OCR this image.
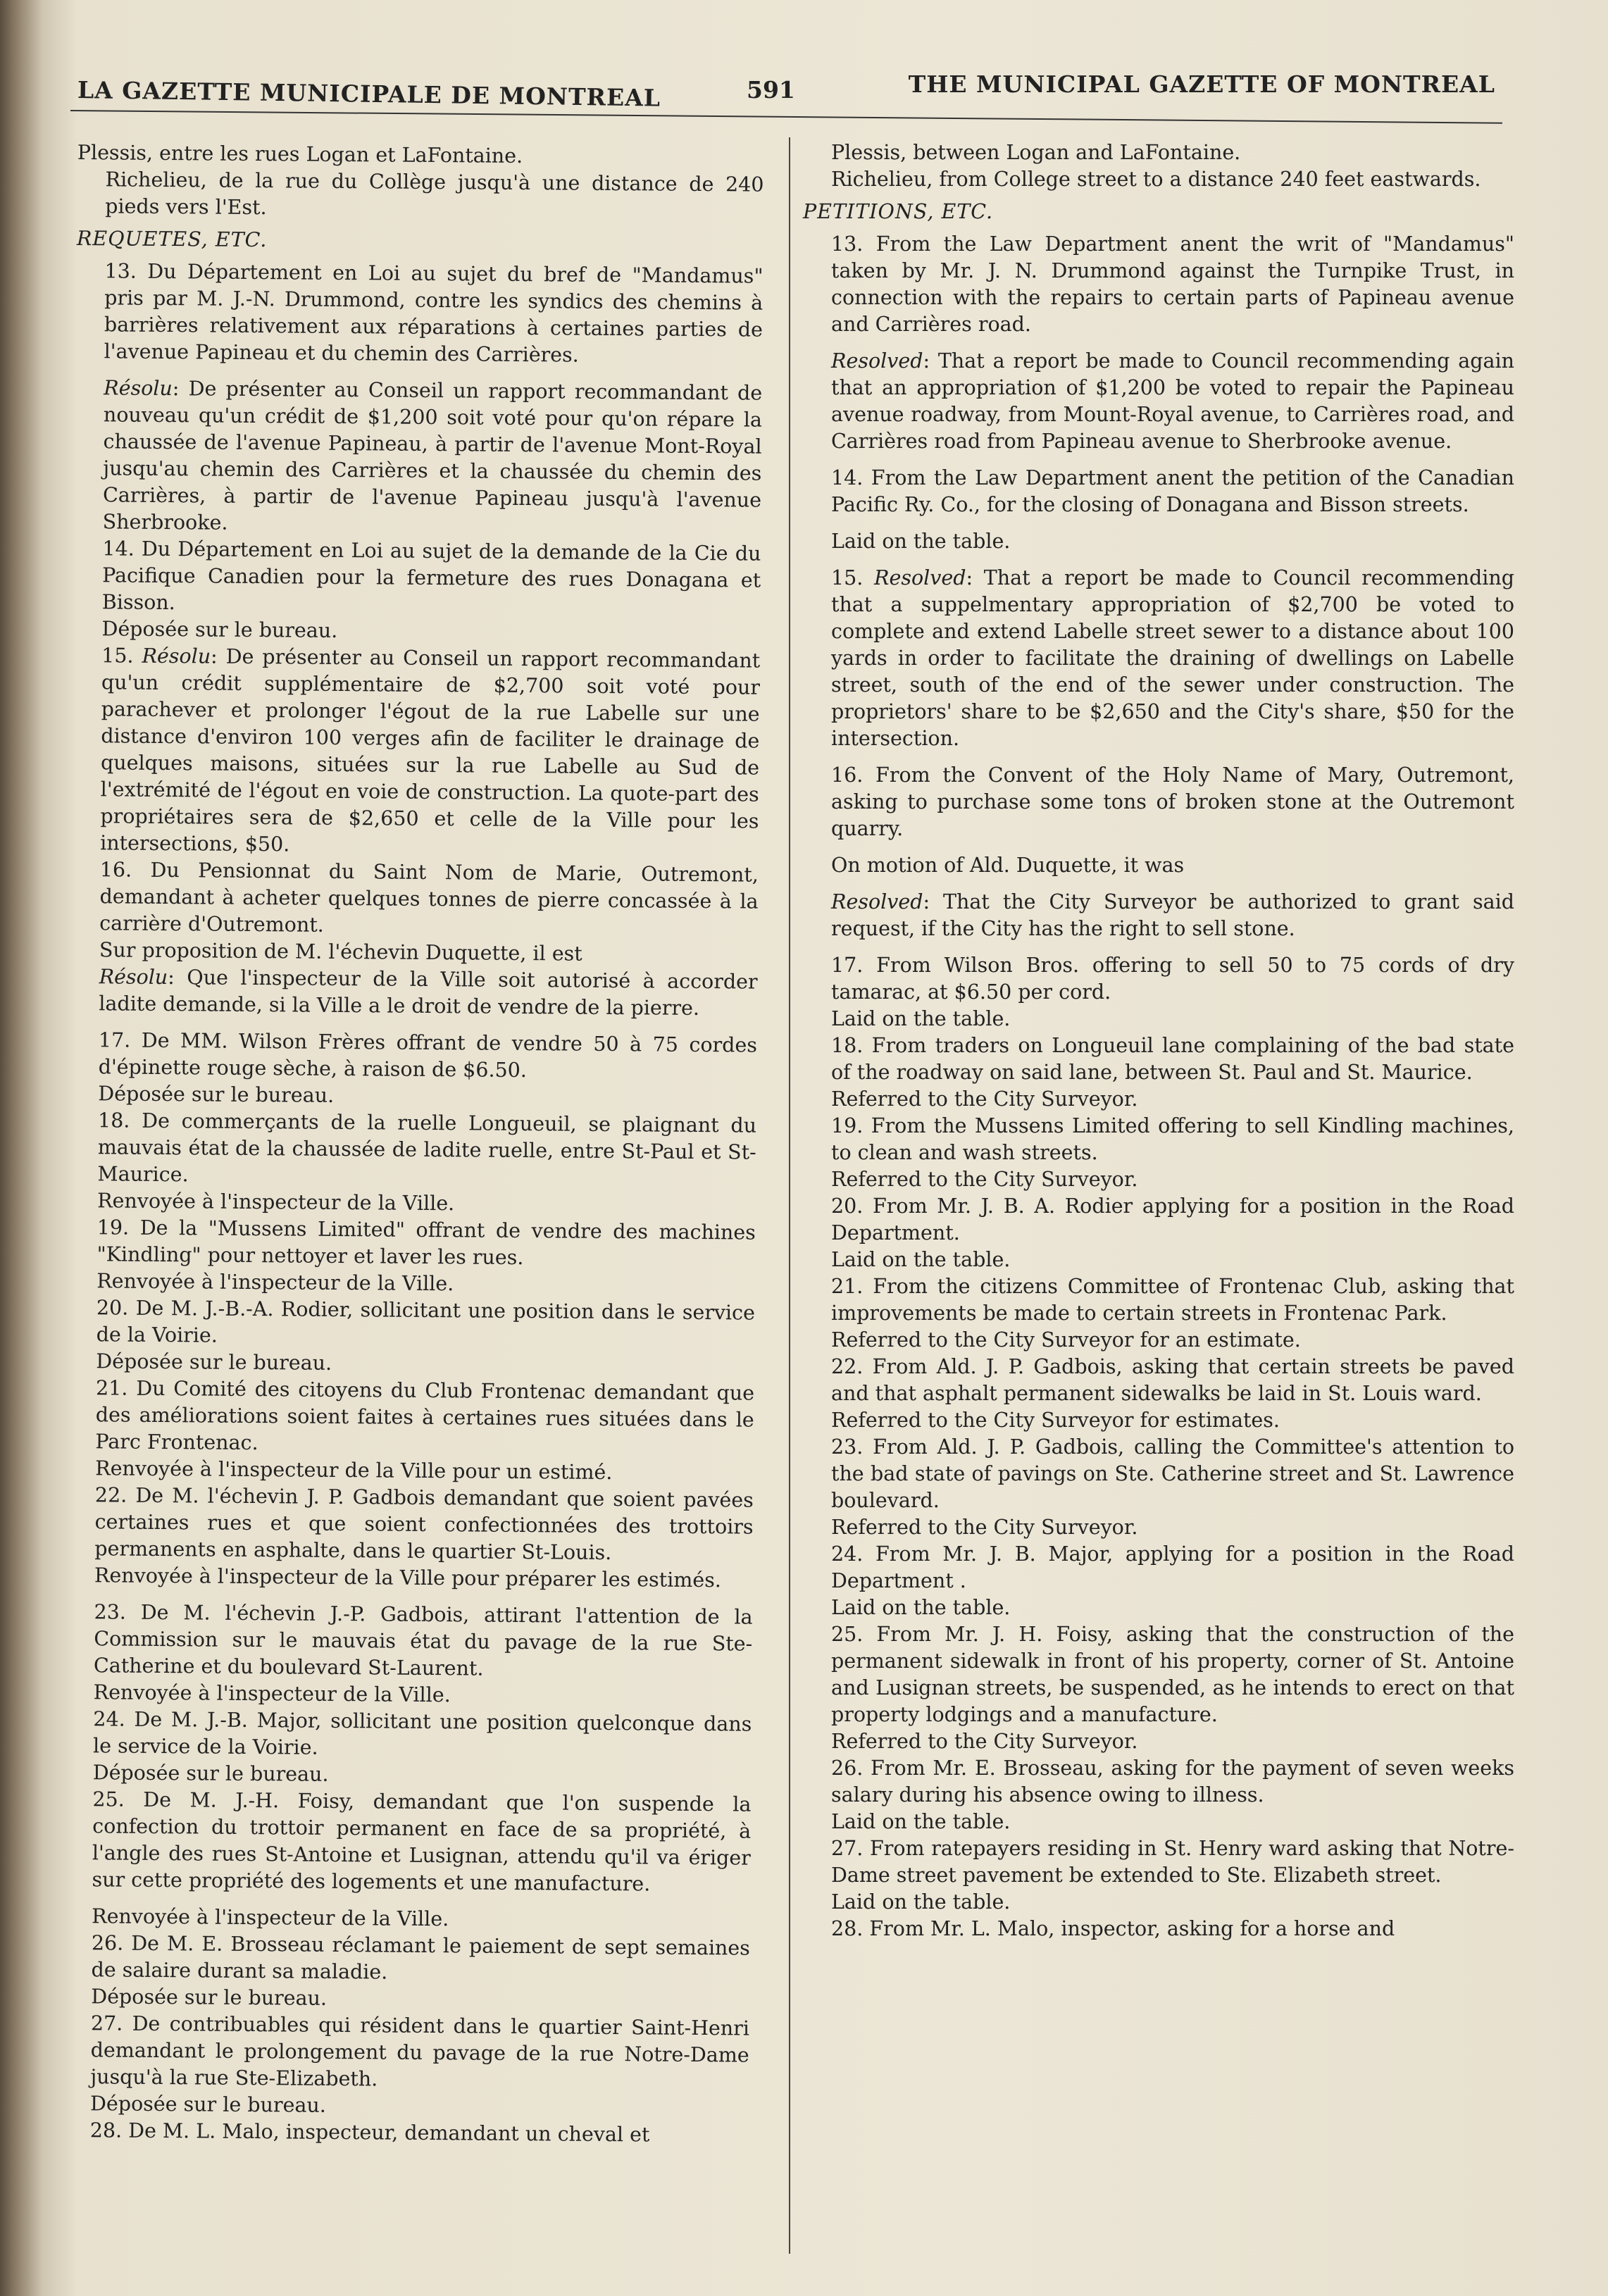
LA GAZETTE MUNICIPALE DE MONTREAL	591	THE MUNICIPAL GAZETTE OF MONTREAL

Plessis, entre les rues Logan et LaFontaine.

Richelieu, de la rue du Collège jusqu'à une distance de 240 pieds vers l'Est.

REQUETES, ETC.

13. Du Département en Loi au sujet du bref de "Mandamus" pris par M. J.-N. Drummond, contre les syndics des chemins à barrières relativement aux réparations à certaines parties de l'avenue Papineau et du chemin des Carrières.

Résolu: De présenter au Conseil un rapport recommandant de nouveau qu'un crédit de $1,200 soit voté pour qu'on répare la chaussée de l'avenue Papineau, à partir de l'avenue Mont-Royal jusqu'au chemin des Carrières et la chaussée du chemin des Carrières, à partir de l'avenue Papineau jusqu'à l'avenue Sherbrooke.

14. Du Département en Loi au sujet de la demande de la Cie du Pacifique Canadien pour la fermeture des rues Donagana et Bisson.

Déposée sur le bureau.

15. Résolu: De présenter au Conseil un rapport recommandant qu'un crédit supplémentaire de $2,700 soit voté pour parachever et prolonger l'égout de la rue Labelle sur une distance d'environ 100 verges afin de faciliter le drainage de quelques maisons, situées sur la rue Labelle au Sud de l'extrémité de l'égout en voie de construction. La quote-part des propriétaires sera de $2,650 et celle de la Ville pour les intersections, $50.

16. Du Pensionnat du Saint Nom de Marie, Outremont, demandant à acheter quelques tonnes de pierre concassée à la carrière d'Outremont.

Sur proposition de M. l'échevin Duquette, il est

Résolu: Que l'inspecteur de la Ville soit autorisé à accorder ladite demande, si la Ville a le droit de vendre de la pierre.

17. De MM. Wilson Frères offrant de vendre 50 à 75 cordes d'épinette rouge sèche, à raison de $6.50.

Déposée sur le bureau.

18. De commerçants de la ruelle Longueuil, se plaignant du mauvais état de la chaussée de ladite ruelle, entre St-Paul et St-Maurice.

Renvoyée à l'inspecteur de la Ville.

19. De la "Mussens Limited" offrant de vendre des machines "Kindling" pour nettoyer et laver les rues.

Renvoyée à l'inspecteur de la Ville.

20. De M. J.-B.-A. Rodier, sollicitant une position dans le service de la Voirie.

Déposée sur le bureau.

21. Du Comité des citoyens du Club Frontenac demandant que des améliorations soient faites à certaines rues situées dans le Parc Frontenac.

Renvoyée à l'inspecteur de la Ville pour un estimé.

22. De M. l'échevin J. P. Gadbois demandant que soient pavées certaines rues et que soient confectionnées des trottoirs permanents en asphalte, dans le quartier St-Louis.

Renvoyée à l'inspecteur de la Ville pour préparer les estimés.

23. De M. l'échevin J.-P. Gadbois, attirant l'attention de la Commission sur le mauvais état du pavage de la rue Ste-Catherine et du boulevard St-Laurent.

Renvoyée à l'inspecteur de la Ville.

24. De M. J.-B. Major, sollicitant une position quelconque dans le service de la Voirie.

Déposée sur le bureau.

25. De M. J.-H. Foisy, demandant que l'on suspende la confection du trottoir permanent en face de sa propriété, à l'angle des rues St-Antoine et Lusignan, attendu qu'il va ériger sur cette propriété des logements et une manufacture.

Renvoyée à l'inspecteur de la Ville.

26. De M. E. Brosseau réclamant le paiement de sept semaines de salaire durant sa maladie.

Déposée sur le bureau.

27. De contribuables qui résident dans le quartier Saint-Henri demandant le prolongement du pavage de la rue Notre-Dame jusqu'à la rue Ste-Elizabeth.

Déposée sur le bureau.

28. De M. L. Malo, inspecteur, demandant un cheval et

Plessis, between Logan and LaFontaine.

Richelieu, from College street to a distance 240 feet eastwards.

PETITIONS, ETC.

13. From the Law Department anent the writ of "Mandamus" taken by Mr. J. N. Drummond against the Turnpike Trust, in connection with the repairs to certain parts of Papineau avenue and Carrières road.

Resolved: That a report be made to Council recommending again that an appropriation of $1,200 be voted to repair the Papineau avenue roadway, from Mount-Royal avenue, to Carrières road, and Carrières road from Papineau avenue to Sherbrooke avenue.

14. From the Law Department anent the petition of the Canadian Pacific Ry. Co., for the closing of Donagana and Bisson streets.

Laid on the table.

15. Resolved: That a report be made to Council recommending that a suppelmentary appropriation of $2,700 be voted to complete and extend Labelle street sewer to a distance about 100 yards in order to facilitate the draining of dwellings on Labelle street, south of the end of the sewer under construction. The proprietors' share to be $2,650 and the City's share, $50 for the intersection.

16. From the Convent of the Holy Name of Mary, Outremont, asking to purchase some tons of broken stone at the Outremont quarry.

On motion of Ald. Duquette, it was

Resolved: That the City Surveyor be authorized to grant said request, if the City has the right to sell stone.

17. From Wilson Bros. offering to sell 50 to 75 cords of dry tamarac, at $6.50 per cord.

Laid on the table.

18. From traders on Longueuil lane complaining of the bad state of the roadway on said lane, between St. Paul and St. Maurice.

Referred to the City Surveyor.

19. From the Mussens Limited offering to sell Kindling machines, to clean and wash streets.

Referred to the City Surveyor.

20. From Mr. J. B. A. Rodier applying for a position in the Road Department.

Laid on the table.

21. From the citizens Committee of Frontenac Club, asking that improvements be made to certain streets in Frontenac Park.

Referred to the City Surveyor for an estimate.

22. From Ald. J. P. Gadbois, asking that certain streets be paved and that asphalt permanent sidewalks be laid in St. Louis ward.

Referred to the City Surveyor for estimates.

23. From Ald. J. P. Gadbois, calling the Committee's attention to the bad state of pavings on Ste. Catherine street and St. Lawrence boulevard.

Referred to the City Surveyor.

24. From Mr. J. B. Major, applying for a position in the Road Department .

Laid on the table.

25. From Mr. J. H. Foisy, asking that the construction of the permanent sidewalk in front of his property, corner of St. Antoine and Lusignan streets, be suspended, as he intends to erect on that property lodgings and a manufacture.

Referred to the City Surveyor.

26. From Mr. E. Brosseau, asking for the payment of seven weeks salary during his absence owing to illness.

Laid on the table.

27. From ratepayers residing in St. Henry ward asking that Notre-Dame street pavement be extended to Ste. Elizabeth street.

Laid on the table.

28. From Mr. L. Malo, inspector, asking for a horse and
